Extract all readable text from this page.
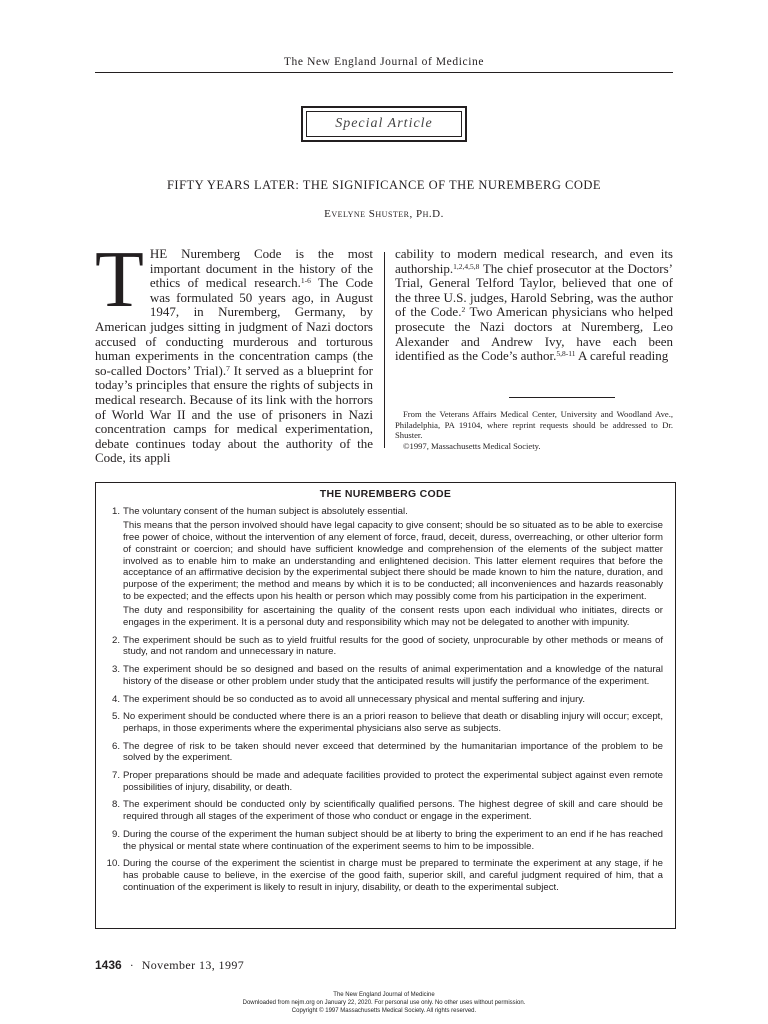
The New England Journal of Medicine
Special Article
FIFTY YEARS LATER: THE SIGNIFICANCE OF THE NUREMBERG CODE
Evelyne Shuster, Ph.D.
THE Nuremberg Code is the most important document in the history of the ethics of medical research.$^{1-6}$ The Code was formulated 50 years ago, in August 1947, in Nuremberg, Germany, by American judges sitting in judgment of Nazi doctors accused of conducting murderous and torturous human experiments in the concentration camps (the so-called Doctors’ Trial).$^7$ It served as a blueprint for today’s principles that ensure the rights of subjects in medical research. Because of its link with the horrors of World War II and the use of prisoners in Nazi concentration camps for medical experimentation, debate continues today about the authority of the Code, its appli
cability to modern medical research, and even its authorship.$^{1,2,4,5,8}$ The chief prosecutor at the Doctors’ Trial, General Telford Taylor, believed that one of the three U.S. judges, Harold Sebring, was the author of the Code.$^2$ Two American physicians who helped prosecute the Nazi doctors at Nuremberg, Leo Alexander and Andrew Ivy, have each been identified as the Code’s author.$^{5,8-11}$ A careful reading

From the Veterans Affairs Medical Center, University and Woodland Ave., Philadelphia, PA 19104, where reprint requests should be addressed to Dr. Shuster.

©1997, Massachusetts Medical Society.

THE NUREMBERG CODE
1. The voluntary consent of the human subject is absolutely essential.

This means that the person involved should have legal capacity to give consent; should be so situated as to be able to exercise free power of choice, without the intervention of any element of force, fraud, deceit, duress, overreaching, or other ulterior form of constraint or coercion; and should have sufficient knowledge and comprehension of the elements of the subject matter involved as to enable him to make an understanding and enlightened decision. This latter element requires that before the acceptance of an affirmative decision by the experimental subject there should be made known to him the nature, duration, and purpose of the experiment; the method and means by which it is to be conducted; all inconveniences and hazards reasonably to be expected; and the effects upon his health or person which may possibly come from his participation in the experiment.

The duty and responsibility for ascertaining the quality of the consent rests upon each individual who initiates, directs or engages in the experiment. It is a personal duty and responsibility which may not be delegated to another with impunity.

2. The experiment should be such as to yield fruitful results for the good of society, unprocurable by other methods or means of study, and not random and unnecessary in nature.

3. The experiment should be so designed and based on the results of animal experimentation and a knowledge of the natural history of the disease or other problem under study that the anticipated results will justify the performance of the experiment.

4. The experiment should be so conducted as to avoid all unnecessary physical and mental suffering and injury.

5. No experiment should be conducted where there is an a priori reason to believe that death or disabling injury will occur; except, perhaps, in those experiments where the experimental physicians also serve as subjects.

6. The degree of risk to be taken should never exceed that determined by the humanitarian importance of the problem to be solved by the experiment.

7. Proper preparations should be made and adequate facilities provided to protect the experimental subject against even remote possibilities of injury, disability, or death.

8. The experiment should be conducted only by scientifically qualified persons. The highest degree of skill and care should be required through all stages of the experiment of those who conduct or engage in the experiment.

9. During the course of the experiment the human subject should be at liberty to bring the experiment to an end if he has reached the physical or mental state where continuation of the experiment seems to him to be impossible.

10. During the course of the experiment the scientist in charge must be prepared to terminate the experiment at any stage, if he has probable cause to believe, in the exercise of the good faith, superior skill, and careful judgment required of him, that a continuation of the experiment is likely to result in injury, disability, or death to the experimental subject.

1436 · November 13, 1997
The New England Journal of Medicine
Downloaded from nejm.org on January 22, 2020. For personal use only. No other uses without permission.
Copyright © 1997 Massachusetts Medical Society. All rights reserved.
